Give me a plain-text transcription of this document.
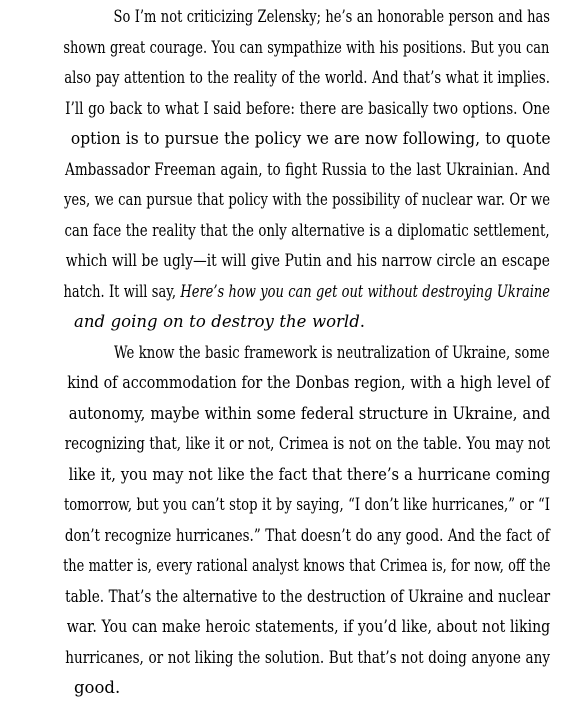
So I’m not criticizing Zelensky; he’s an honorable person and hasshown great courage. You can sympathize with his positions. But you canalso pay attention to the reality of the world. And that’s what it implies.I’ll go back to what I said before: there are basically two options. Oneoption is to pursue the policy we are now following, to quoteAmbassador Freeman again, to fight Russia to the last Ukrainian. Andyes, we can pursue that policy with the possibility of nuclear war. Or wecan face the reality that the only alternative is a diplomatic settlement,which will be ugly—it will give Putin and his narrow circle an escapehatch. It will say, Here’s how you can get out without destroying Ukraine
and going on to destroy the world.

We know the basic framework is neutralization of Ukraine, somekind of accommodation for the Donbas region, with a high level ofautonomy, maybe within some federal structure in Ukraine, andrecognizing that, like it or not, Crimea is not on the table. You may notlike it, you may not like the fact that there’s a hurricane comingtomorrow, but you can’t stop it by saying, “I don’t like hurricanes,” or “Idon’t recognize hurricanes.” That doesn’t do any good. And the fact ofthe matter is, every rational analyst knows that Crimea is, for now, off thetable. That’s the alternative to the destruction of Ukraine and nuclearwar. You can make heroic statements, if you’d like, about not likinghurricanes, or not liking the solution. But that’s not doing anyone any
good.
